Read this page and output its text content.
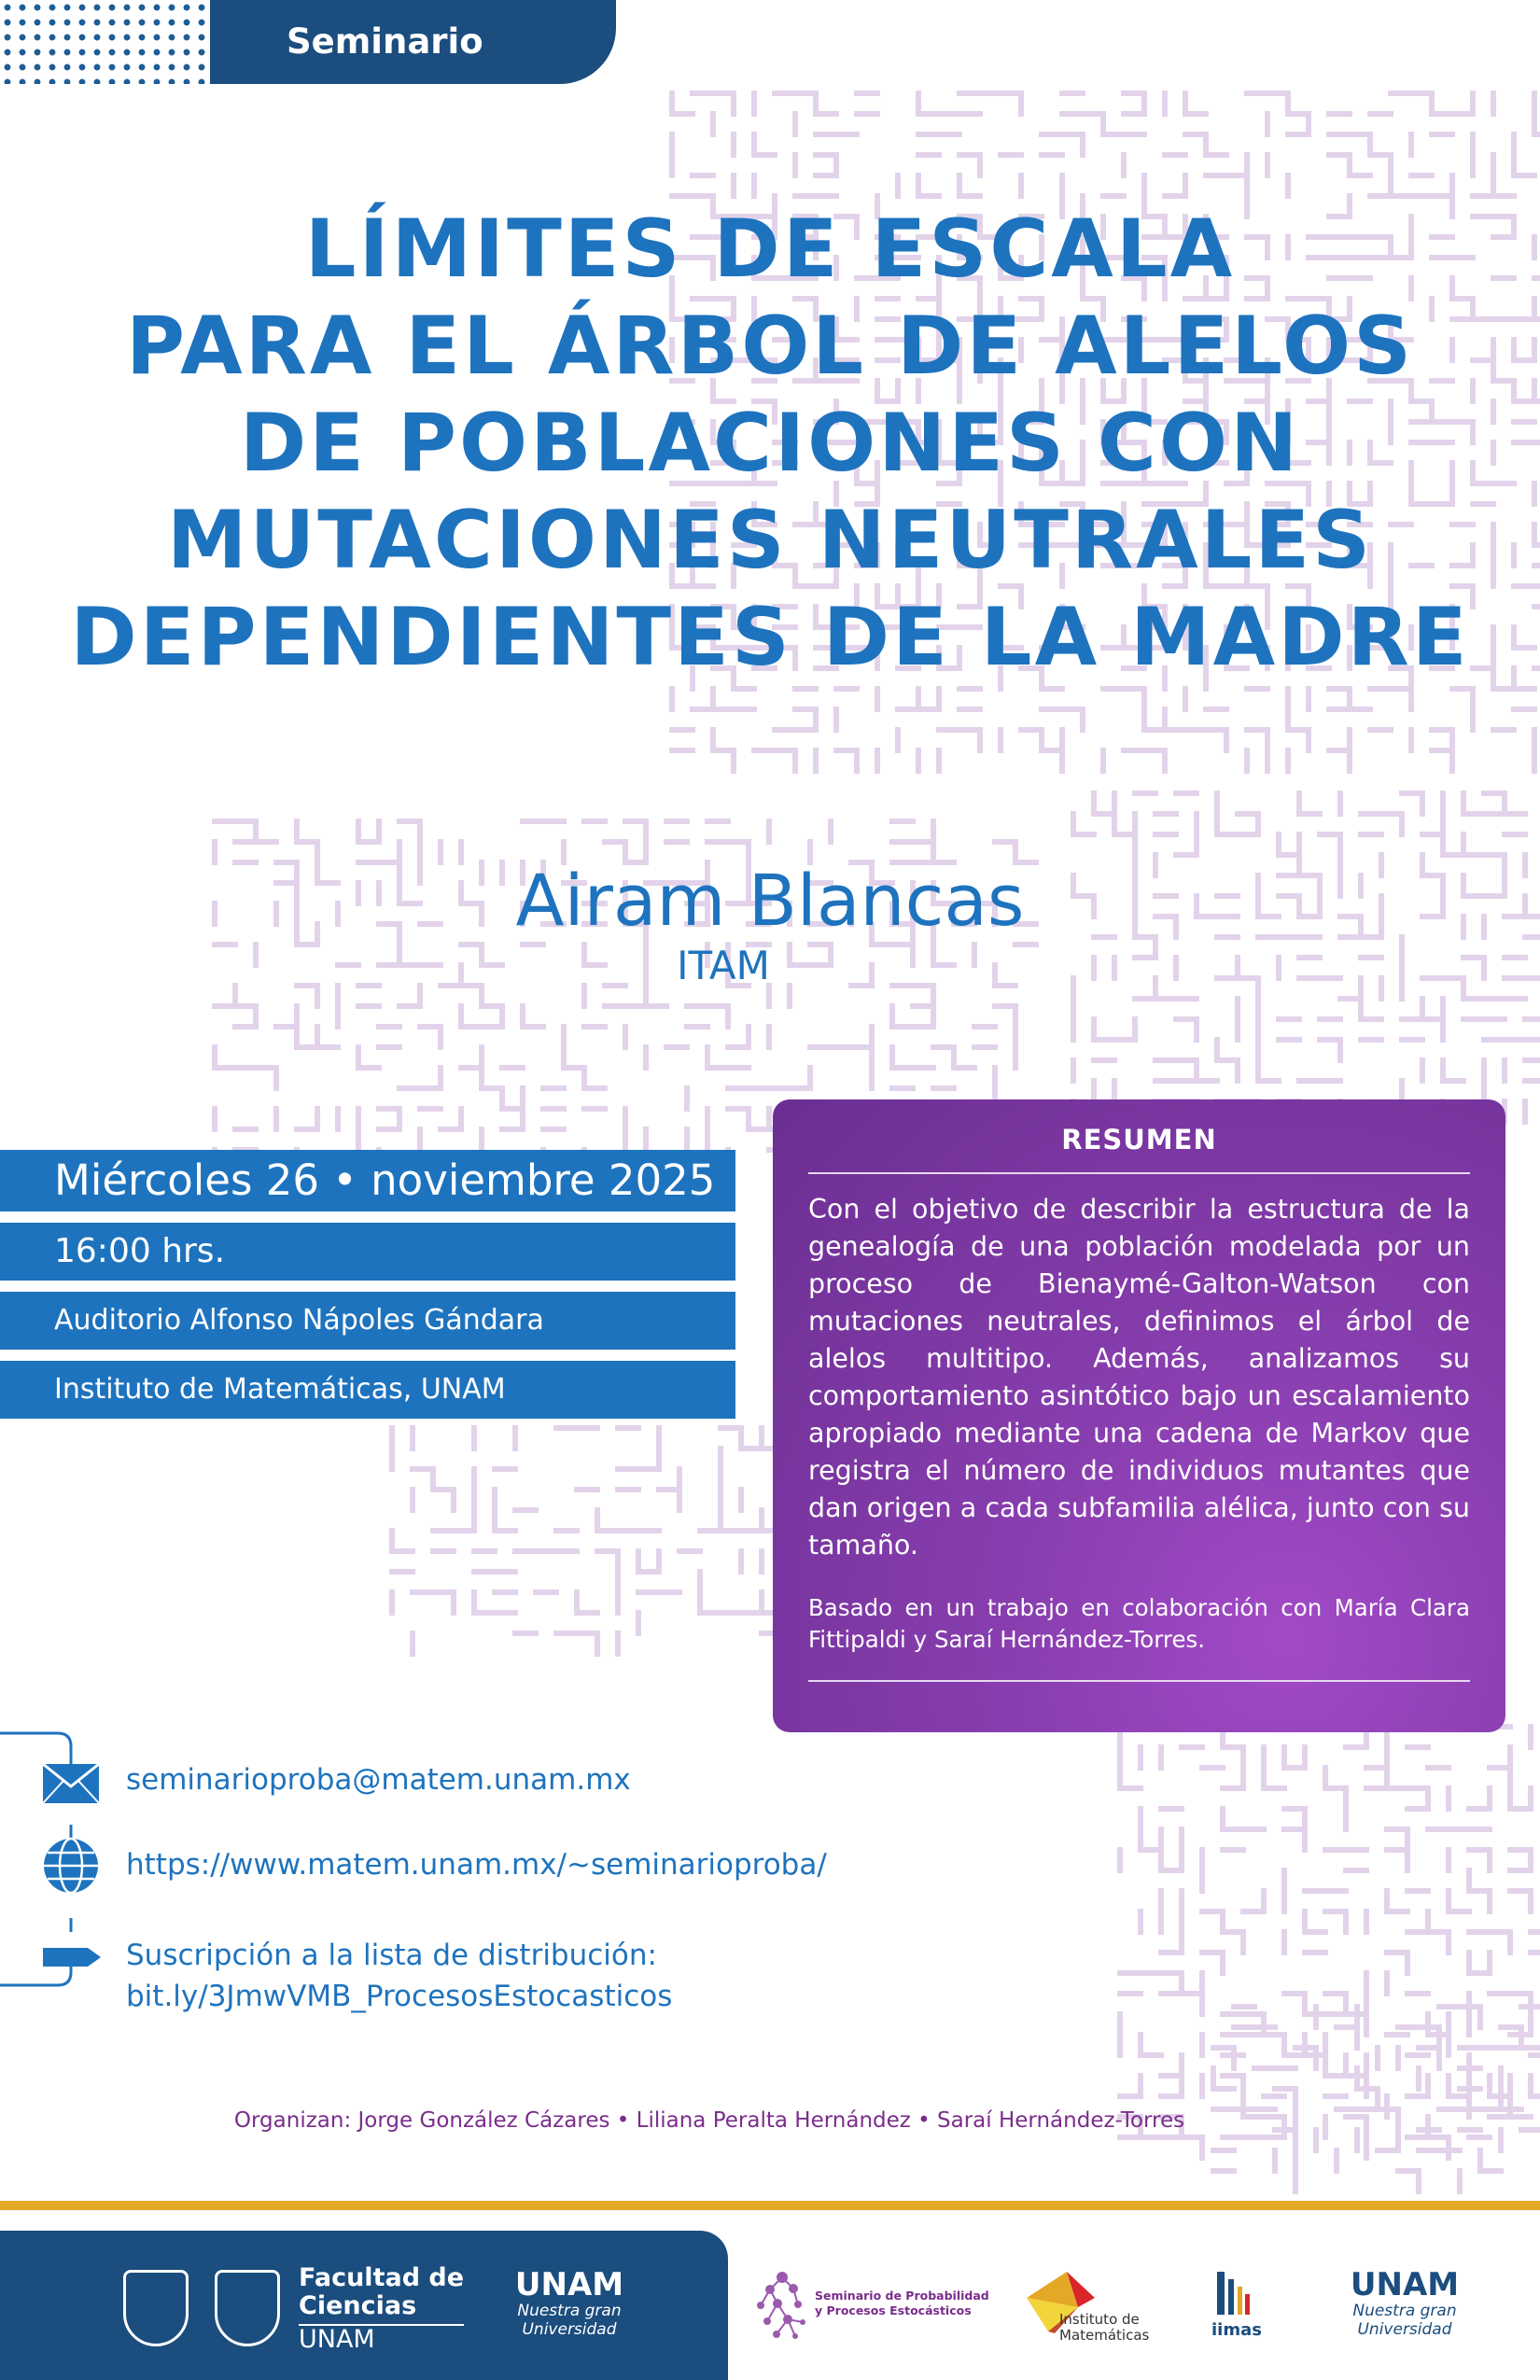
Seminario
LÍMITES DE ESCALA
PARA EL ÁRBOL DE ALELOS
DE POBLACIONES CON
MUTACIONES NEUTRALES
DEPENDIENTES DE LA MADRE
Airam Blancas
ITAM
Miércoles 26 • noviembre 2025
16:00 hrs.
Auditorio Alfonso Nápoles Gándara
Instituto de Matemáticas, UNAM
RESUMEN
Con el objetivo de describir la estructura de la genealogía de una población modelada por un proceso de Bienaymé-Galton-Watson con mutaciones neutrales, definimos el árbol de alelos multitipo. Además, analizamos su comportamiento asintótico bajo un escalamiento apropiado mediante una cadena de Markov que registra el número de individuos mutantes que dan origen a cada subfamilia alélica, junto con su tamaño.
Basado en un trabajo en colaboración con María Clara Fittipaldi y Saraí Hernández-Torres.
seminarioproba@matem.unam.mx
https://www.matem.unam.mx/~seminarioproba/
Suscripción a la lista de distribución:
bit.ly/3JmwVMB_ProcesosEstocasticos
Organizan: Jorge González Cázares • Liliana Peralta Hernández • Saraí Hernández-Torres
Facultad de
Ciencias
UNAM
UNAM
Nuestra gran
Universidad
Seminario de Probabilidad
y Procesos Estocásticos
Instituto de
Matemáticas	iimas
UNAM
Nuestra gran
Universidad
